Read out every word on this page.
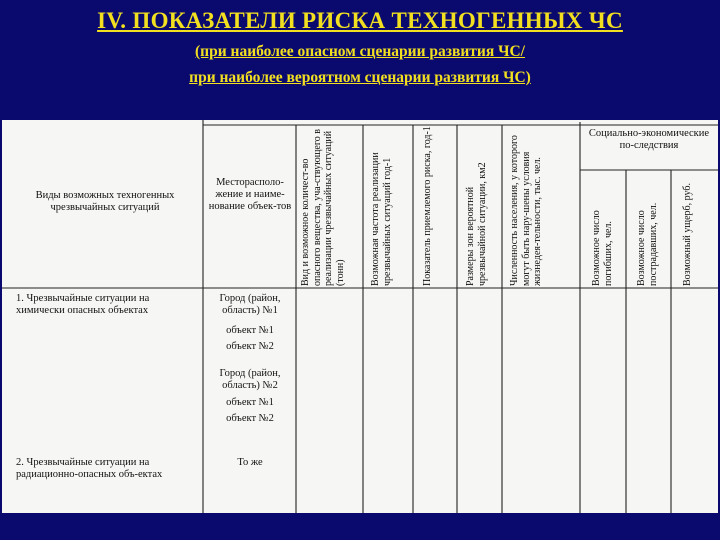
IV. ПОКАЗАТЕЛИ РИСКА ТЕХНОГЕННЫХ ЧС
(при наиболее опасном сценарии развития ЧС/
при наиболее вероятном сценарии развития ЧС)
Виды возможных техногенных чрезвычайных ситуаций
Месторасполо-жение и наиме-нование объек-тов Вид и возможное количест-во опасного вещества, уча-ствующего в реализации чрезвычайных ситуаций (тонн) Возможная частота реализации чрезвычайных ситуаций год-1	Показатель приемлемого риска, год-1	Размеры зон вероятной чрезвычайной ситуации, км2 Численность населения, у которого могут быть нару-шены условия жизнедея-тельности, тыс. чел.
Социально-экономические по-следствия
Возможное число погибших, чел. Возможное число пострадавших, чел. Возможный ущерб, руб.
1. Чрезвычайные ситуации на химически опасных объектах
Город (район, область) №1
объект №1
объект №2
Город (район, область) №2
объект №1
объект №2
2. Чрезвычайные ситуации на радиационно-опасных объ-ектах
То же
